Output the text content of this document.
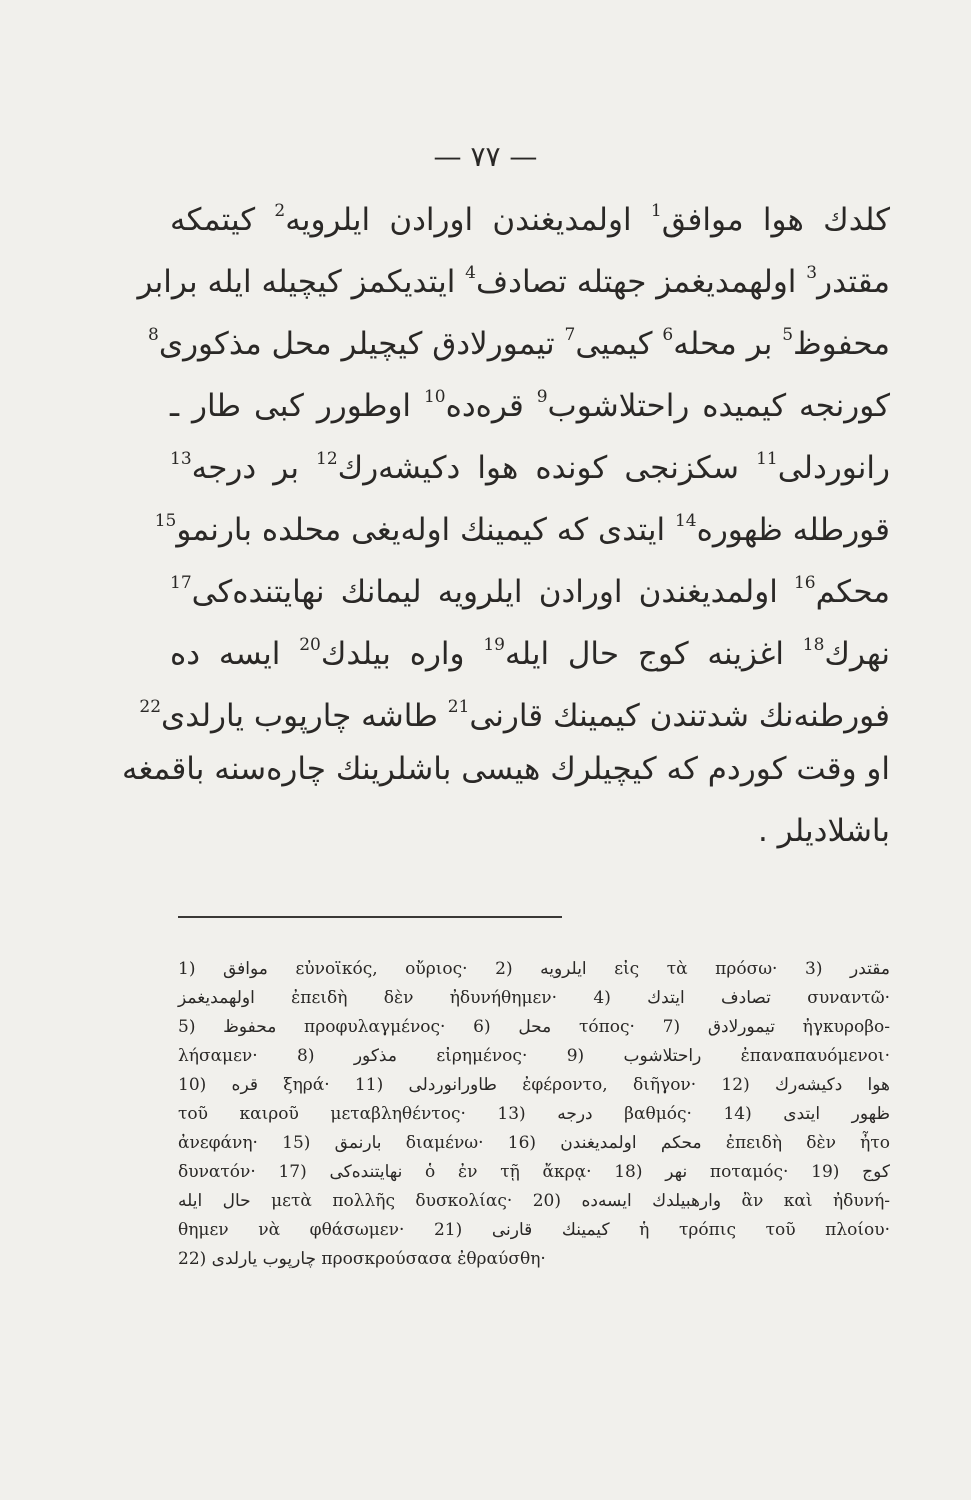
— ٧٧ —
کلدك هوا موافق$^1$ اولمدیغندن اورادن ایلرویه$^2$ کیتمکه
مقتدر$^3$ اولهمدیغمز جهتله تصادف$^4$ ایتدیکمز کیچیله ایله برابر
محفوظ$^5$ بر محله$^6$ کیمیی$^7$ تیمورلادق کیچیلر محل مذکوری$^8$
کورنجه کیمیده راحتلاشوب$^9$ قره‌ده$^{10}$ اوطورر کبی طار ـ
رانوردلی$^{11}$ سکزنجی کونده هوا دکیشه‌رك$^{12}$ بر درجه$^{13}$
قورطله ظهوره$^{14}$ ایتدی که کیمینك اوله‌یغی محلده بارنمو$^{15}$
محکم$^{16}$ اولمدیغندن اورادن ایلرویه لیمانك نهایتنده‌کی$^{17}$
نهرك$^{18}$ اغزینه کوج حال ایله$^{19}$ واره بیلدك$^{20}$ ایسه ده
فورطنه‌نك شدتندن کیمینك قارنی$^{21}$ طاشه چارپوب یارلدی$^{22}$
او وقت کوردم که کیچیلرك هیسی باشلرینك چاره‌سنه باقمغه
باشلادیلر .
1) موافق εὐνοϊκός, οὔριος· 2) ایلرویه εἰς τὰ πρόσω· 3) مقتدر
اولهمدیغمز ἐπειδὴ δὲν ἠδυνήθημεν· 4) تصادف ایتدك συναντῶ·
5) محفوظ προφυλαγμένος· 6) محل τόπος· 7) تیمورلادق ἠγκυροβο-
λήσαμεν· 8) مذکور εἰρημένος· 9) راحتلاشوب ἐπαναπαυόμενοι·
10) قره ξηρά· 11) طاورانوردلی ἐφέροντο, διῆγον· 12) هوا دکیشه‌رك
τοῦ καιροῦ μεταβληθέντος· 13) درجه βαθμός· 14) ظهور ایتدی
ἀνεφάνη· 15) بارنمق διαμένω· 16) محکم اولمدیغندن ἐπειδὴ δὲν ἦτο
δυνατόν· 17) نهایتنده‌کی ὁ ἐν τῇ ἄκρᾳ· 18) نهر ποταμός· 19) کوج
حال ایله μετὰ πολλῆς δυσκολίας· 20) وارهبیلدك ایسه‌ده ἂν καὶ ἠδυνή-
θημεν νὰ φθάσωμεν· 21) کیمینك قارنی ἡ τρόπις τοῦ πλοίου·
22) چارپوب یارلدی προσκρούσασα ἐθραύσθη·
